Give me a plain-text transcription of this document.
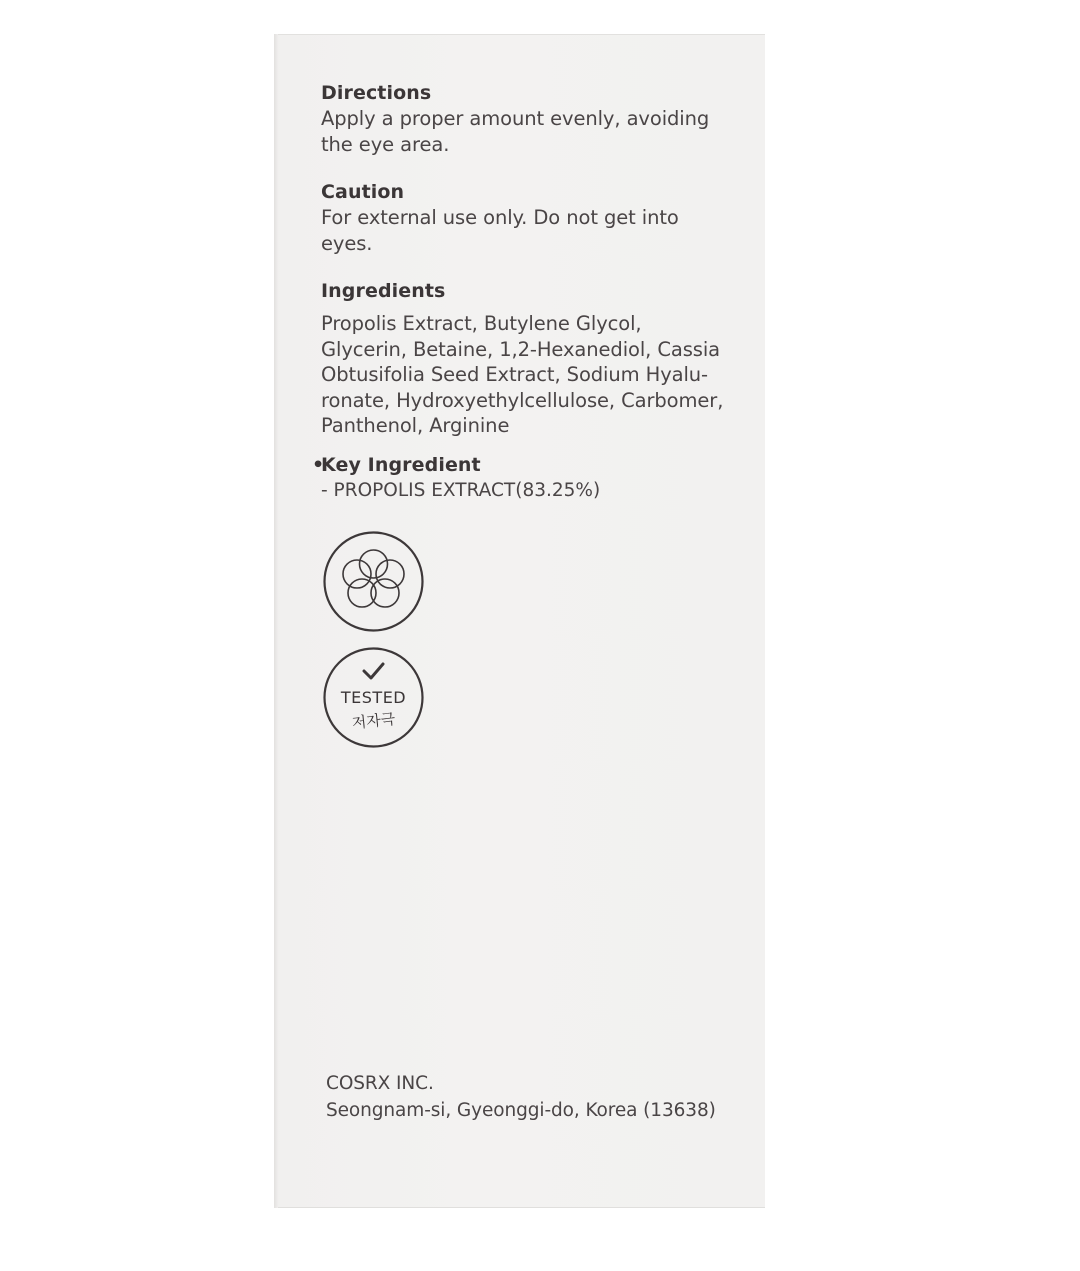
Directions
Apply a proper amount evenly, avoiding
the eye area.
Caution
For external use only. Do not get into
eyes.
Ingredients
Propolis Extract, Butylene Glycol,
Glycerin, Betaine, 1,2-Hexanediol, Cassia
Obtusifolia Seed Extract, Sodium Hyalu-
ronate, Hydroxyethylcellulose, Carbomer,
Panthenol, Arginine
•
Key Ingredient
- PROPOLIS EXTRACT(83.25%)
TESTED
저자극
COSRX INC.
Seongnam-si, Gyeonggi-do, Korea (13638)
